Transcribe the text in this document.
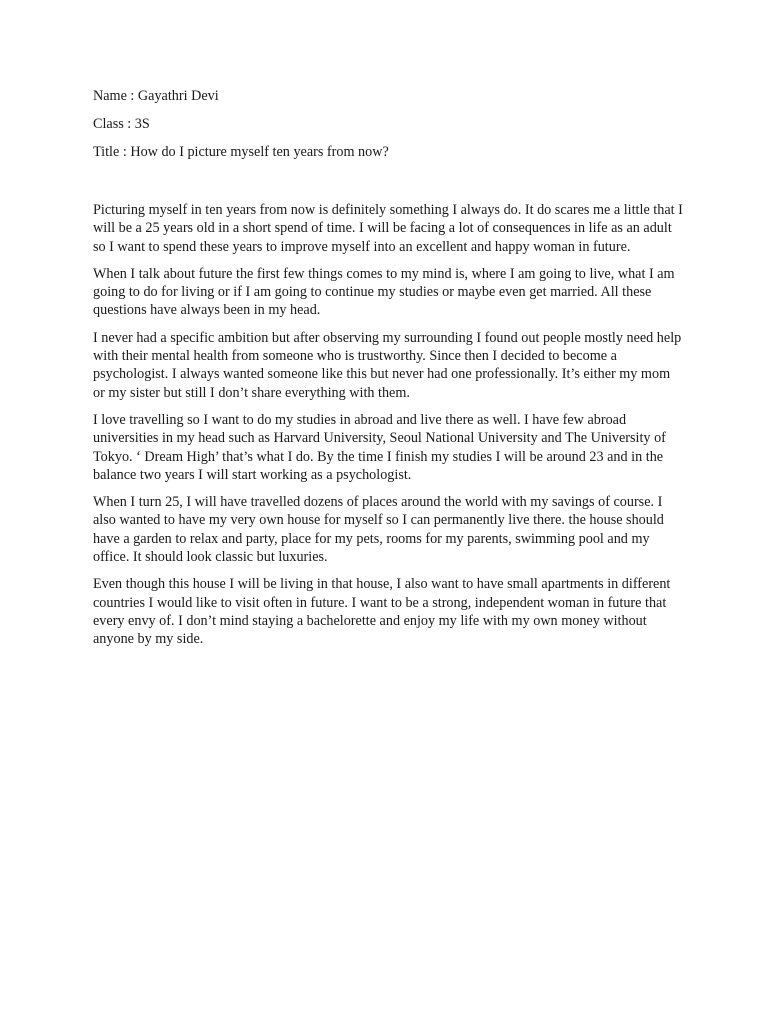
Name : Gayathri Devi
Class : 3S
Title : How do I picture myself ten years from now?

Picturing myself in ten years from now is definitely something I always do. It do scares me a little that I will be a 25 years old in a short spend of time. I will be facing a lot of consequences in life as an adult so I want to spend these years to improve myself into an excellent and happy woman in future.

When I talk about future the first few things comes to my mind is, where I am going to live, what I am going to do for living or if I am going to continue my studies or maybe even get married. All these questions have always been in my head.

I never had a specific ambition but after observing my surrounding I found out people mostly need help with their mental health from someone who is trustworthy. Since then I decided to become a psychologist. I always wanted someone like this but never had one professionally. It’s either my mom or my sister but still I don’t share everything with them.

I love travelling so I want to do my studies in abroad and live there as well. I have few abroad universities in my head such as Harvard University, Seoul National University and The University of Tokyo. ‘ Dream High’ that’s what I do. By the time I finish my studies I will be around 23 and in the balance two years I will start working as a psychologist.

When I turn 25, I will have travelled dozens of places around the world with my savings of course. I also wanted to have my very own house for myself so I can permanently live there. the house should have a garden to relax and party, place for my pets, rooms for my parents, swimming pool and my office. It should look classic but luxuries.

Even though this house I will be living in that house, I also want to have small apartments in different countries I would like to visit often in future. I want to be a strong, independent woman in future that every envy of. I don’t mind staying a bachelorette and enjoy my life with my own money without anyone by my side.
